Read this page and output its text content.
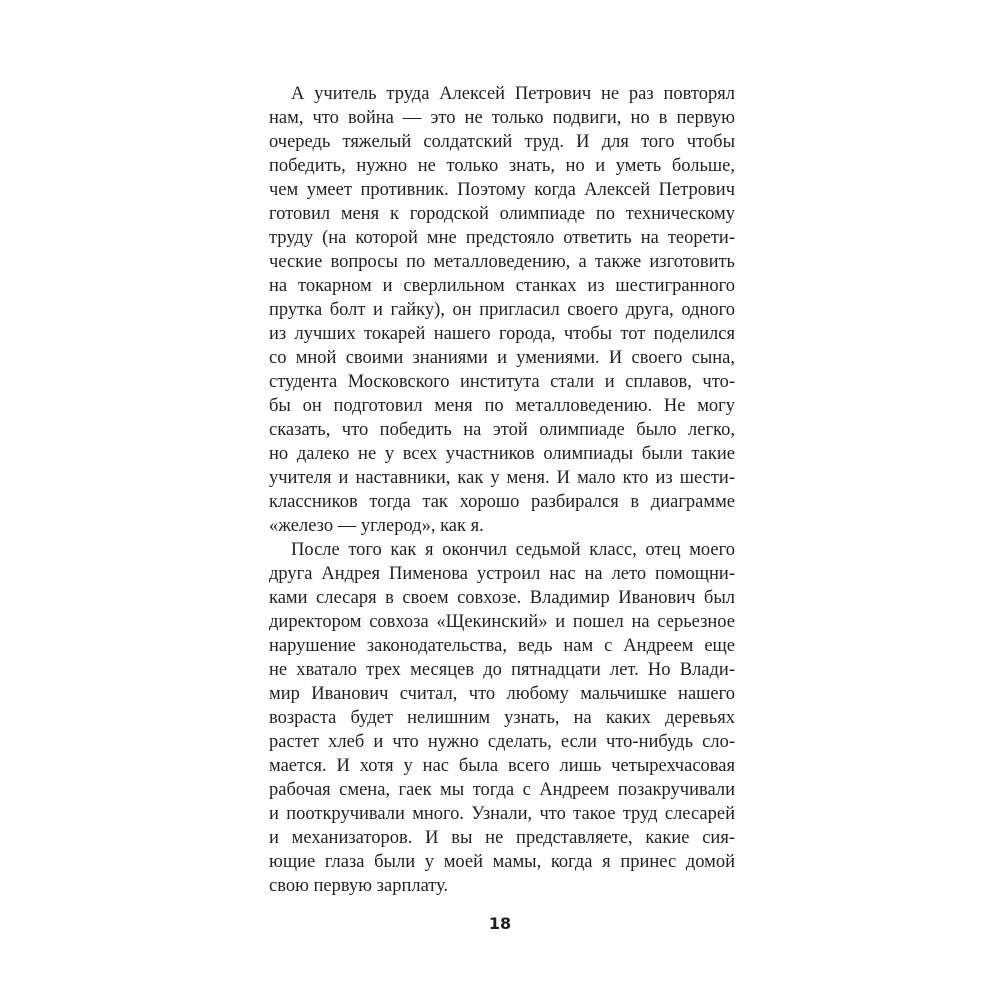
А учитель труда Алексей Петрович не раз повторял
нам, что война — это не только подвиги, но в первую
очередь тяжелый солдатский труд. И для того чтобы
победить, нужно не только знать, но и уметь больше,
чем умеет противник. Поэтому когда Алексей Петрович
готовил меня к городской олимпиаде по техническому
труду (на которой мне предстояло ответить на теорети-
ческие вопросы по металловедению, а также изготовить
на токарном и сверлильном станках из шестигранного
прутка болт и гайку), он пригласил своего друга, одного
из лучших токарей нашего города, чтобы тот поделился
со мной своими знаниями и умениями. И своего сына,
студента Московского института стали и сплавов, что-
бы он подготовил меня по металловедению. Не могу
сказать, что победить на этой олимпиаде было легко,
но далеко не у всех участников олимпиады были такие
учителя и наставники, как у меня. И мало кто из шести-
классников тогда так хорошо разбирался в диаграмме
«железо — углерод», как я.
После того как я окончил седьмой класс, отец моего
друга Андрея Пименова устроил нас на лето помощни-
ками слесаря в своем совхозе. Владимир Иванович был
директором совхоза «Щекинский» и пошел на серьезное
нарушение законодательства, ведь нам с Андреем еще
не хватало трех месяцев до пятнадцати лет. Но Влади-
мир Иванович считал, что любому мальчишке нашего
возраста будет нелишним узнать, на каких деревьях
растет хлеб и что нужно сделать, если что-нибудь сло-
мается. И хотя у нас была всего лишь четырехчасовая
рабочая смена, гаек мы тогда с Андреем позакручивали
и пооткручивали много. Узнали, что такое труд слесарей
и механизаторов. И вы не представляете, какие сия-
ющие глаза были у моей мамы, когда я принес домой
свою первую зарплату.
18
